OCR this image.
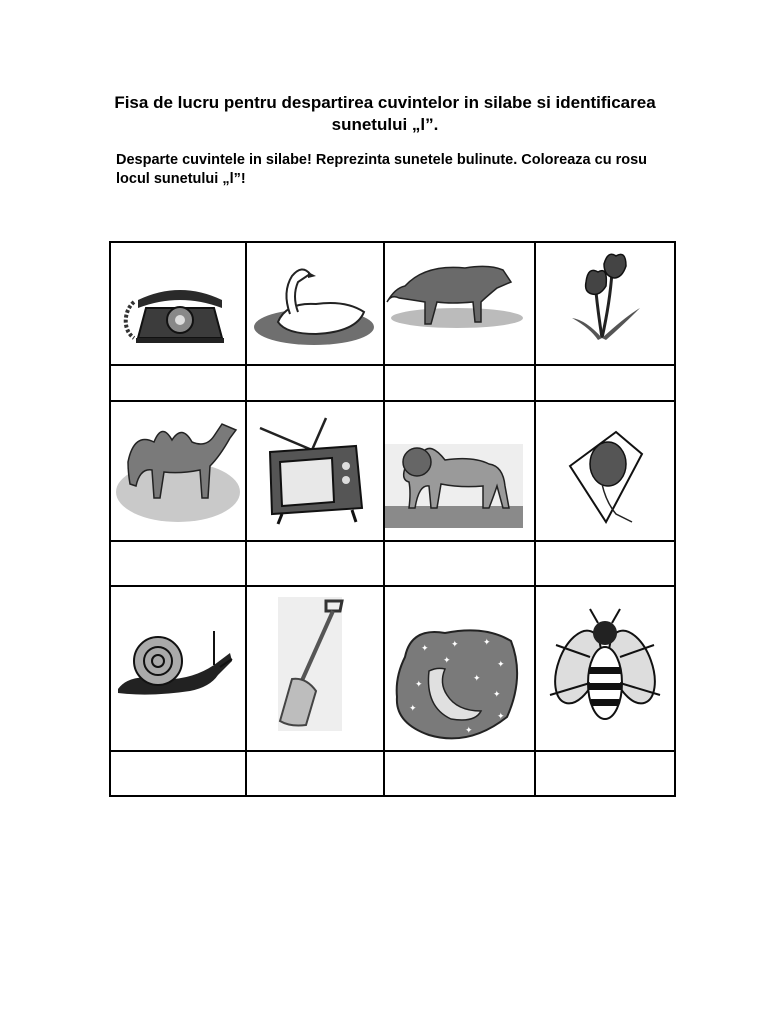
Fisa de lucru pentru despartirea cuvintelor in silabe si identificarea sunetului „l”.
Desparte cuvintele in silabe! Reprezinta sunetele bulinute. Coloreaza cu rosu locul sunetului „l”!
✦ ✦	✦
✦
✦
✦
✦
✦
✦
✦
✦
